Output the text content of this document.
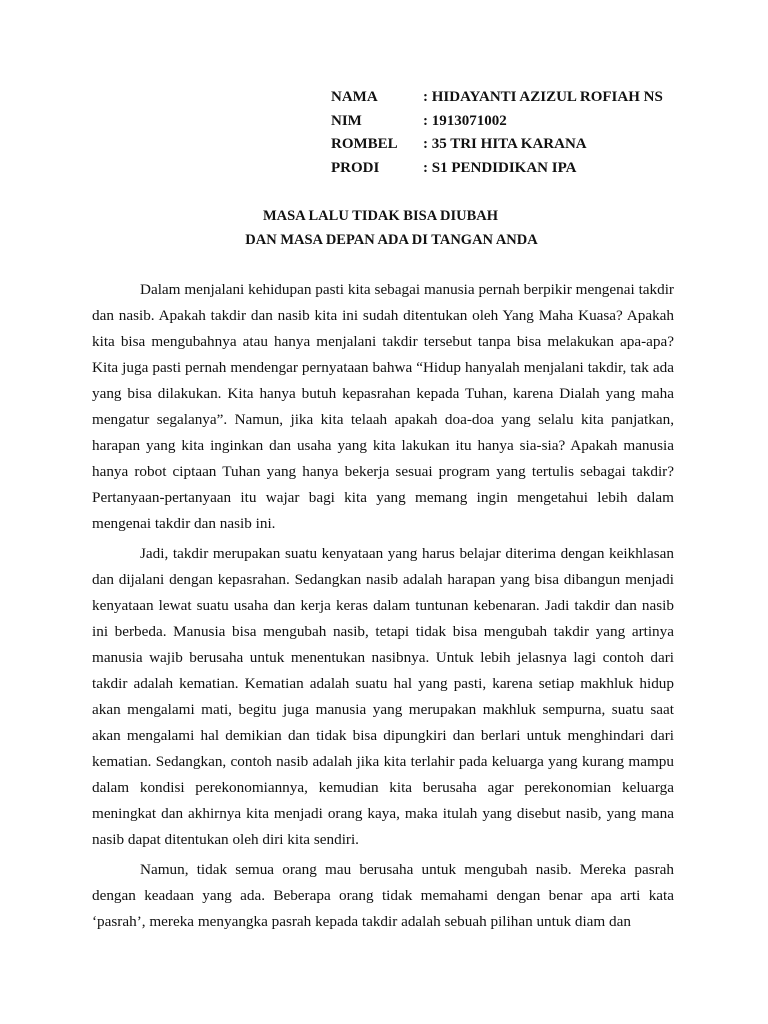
NAMA	: HIDAYANTI AZIZUL ROFIAH NS
NIM	: 1913071002
ROMBEL	: 35 TRI HITA KARANA
PRODI	: S1 PENDIDIKAN IPA
MASA LALU TIDAK BISA DIUBAH
DAN MASA DEPAN ADA DI TANGAN ANDA

Dalam menjalani kehidupan pasti kita sebagai manusia pernah berpikir mengenai takdir dan nasib. Apakah takdir dan nasib kita ini sudah ditentukan oleh Yang Maha Kuasa? Apakah kita bisa mengubahnya atau hanya menjalani takdir tersebut tanpa bisa melakukan apa-apa? Kita juga pasti pernah mendengar pernyataan bahwa “Hidup hanyalah menjalani takdir, tak ada yang bisa dilakukan. Kita hanya butuh kepasrahan kepada Tuhan, karena Dialah yang maha mengatur segalanya”. Namun, jika kita telaah apakah doa-doa yang selalu kita panjatkan, harapan yang kita inginkan dan usaha yang kita lakukan itu hanya sia-sia? Apakah manusia hanya robot ciptaan Tuhan yang hanya bekerja sesuai program yang tertulis sebagai takdir? Pertanyaan-pertanyaan itu wajar bagi kita yang memang ingin mengetahui lebih dalam mengenai takdir dan nasib ini.

Jadi, takdir merupakan suatu kenyataan yang harus belajar diterima dengan keikhlasan dan dijalani dengan kepasrahan. Sedangkan nasib adalah harapan yang bisa dibangun menjadi kenyataan lewat suatu usaha dan kerja keras dalam tuntunan kebenaran. Jadi takdir dan nasib ini berbeda. Manusia bisa mengubah nasib, tetapi tidak bisa mengubah takdir yang artinya manusia wajib berusaha untuk menentukan nasibnya. Untuk lebih jelasnya lagi contoh dari takdir adalah kematian. Kematian adalah suatu hal yang pasti, karena setiap makhluk hidup akan mengalami mati, begitu juga manusia yang merupakan makhluk sempurna, suatu saat akan mengalami hal demikian dan tidak bisa dipungkiri dan berlari untuk menghindari dari kematian. Sedangkan, contoh nasib adalah jika kita terlahir pada keluarga yang kurang mampu dalam kondisi perekonomiannya, kemudian kita berusaha agar perekonomian keluarga meningkat dan akhirnya kita menjadi orang kaya, maka itulah yang disebut nasib, yang mana nasib dapat ditentukan oleh diri kita sendiri.

Namun, tidak semua orang mau berusaha untuk mengubah nasib. Mereka pasrah dengan keadaan yang ada. Beberapa orang tidak memahami dengan benar apa arti kata ‘pasrah’, mereka menyangka pasrah kepada takdir adalah sebuah pilihan untuk diam dan
